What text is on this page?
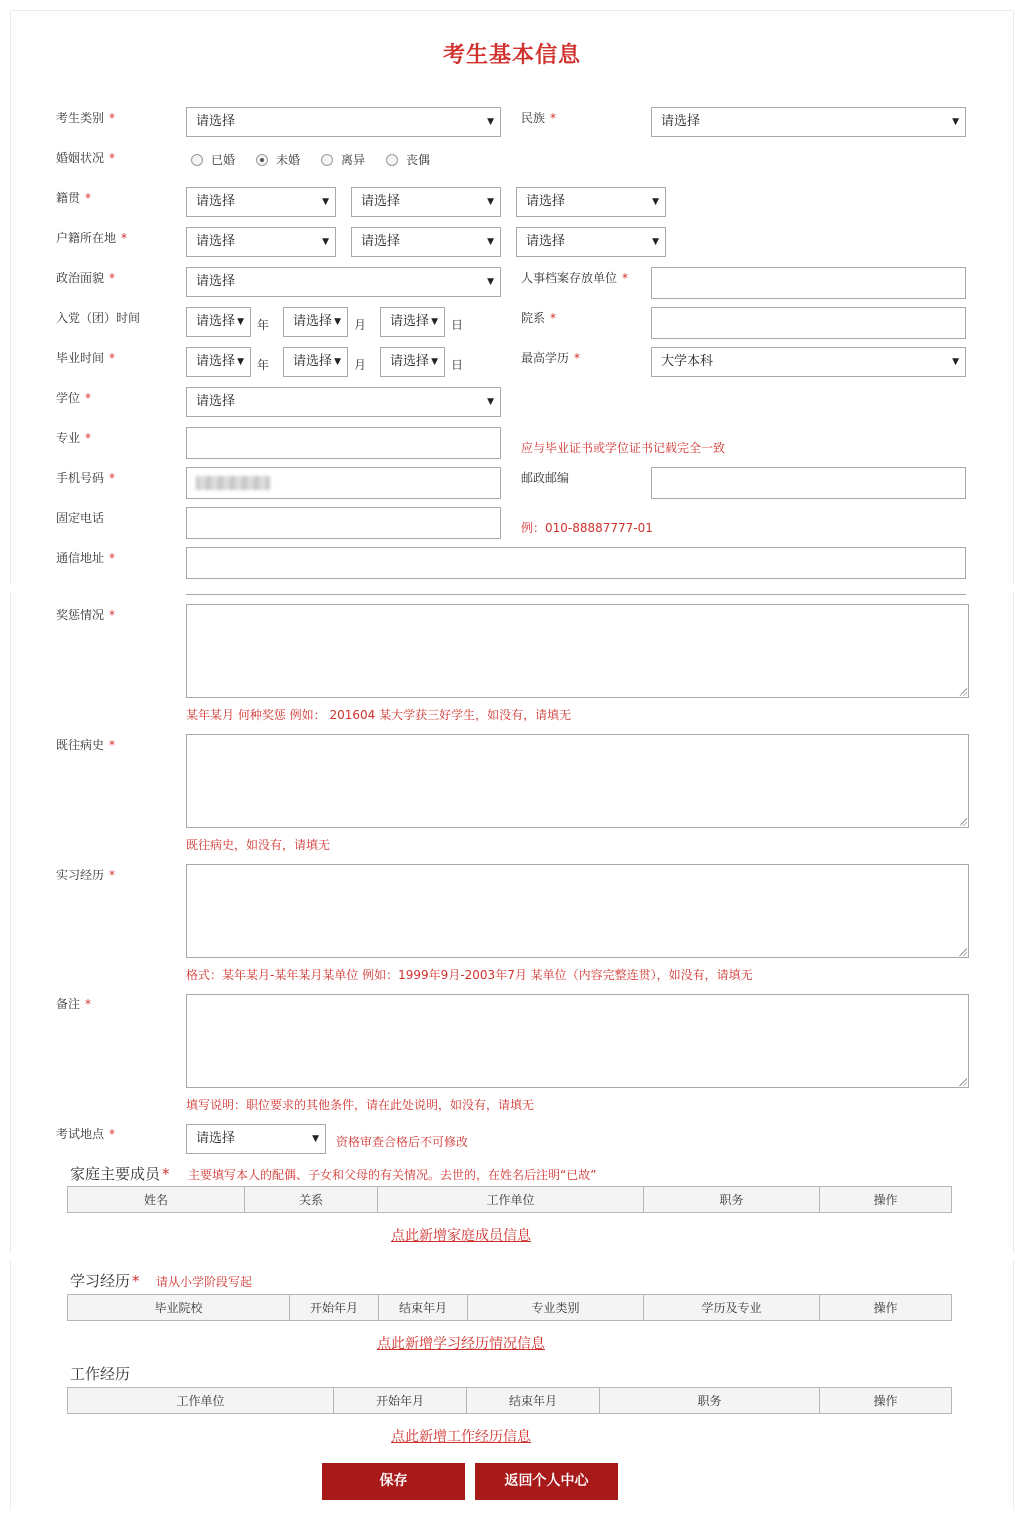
考生基本信息
考生类别 *	请选择	▼ 民族 *	请选择	▼
婚姻状况 *	已婚	未婚	离异	丧偶
籍贯 *	请选择	▼	请选择	▼	请选择	▼
户籍所在地 *	请选择	▼	请选择	▼	请选择	▼
政治面貌 *	请选择	▼ 人事档案存放单位 *
入党（团）时间	请选择 ▼ 年	请选择 ▼ 月	请选择 ▼ 日	院系 *
毕业时间 *	请选择 ▼ 年	请选择 ▼ 月	请选择 ▼ 日	最高学历 *	大学本科	▼
学位 *	请选择	▼
专业 *
应与毕业证书或学位证书记载完全一致
手机号码 *	邮政邮编
固定电话
例：010-88887777-01
通信地址 *
奖惩情况 *
某年某月 何种奖惩 例如： 201604 某大学获三好学生，如没有，请填无
既往病史 *
既往病史，如没有，请填无
实习经历 *
格式：某年某月-某年某月某单位 例如：1999年9月-2003年7月 某单位（内容完整连贯），如没有，请填无
备注 *
填写说明：职位要求的其他条件，请在此处说明，如没有，请填无
考试地点 *	请选择	▼ 资格审查合格后不可修改
家庭主要成员 * 主要填写本人的配偶、子女和父母的有关情况。去世的，在姓名后注明“已故”
姓名	关系	工作单位	职务	操作
点此新增家庭成员信息
学习经历 * 请从小学阶段写起
毕业院校	开始年月	结束年月	专业类别	学历及专业	操作
点此新增学习经历情况信息
工作经历
工作单位	开始年月	结束年月	职务	操作
点此新增工作经历信息
保存	返回个人中心
